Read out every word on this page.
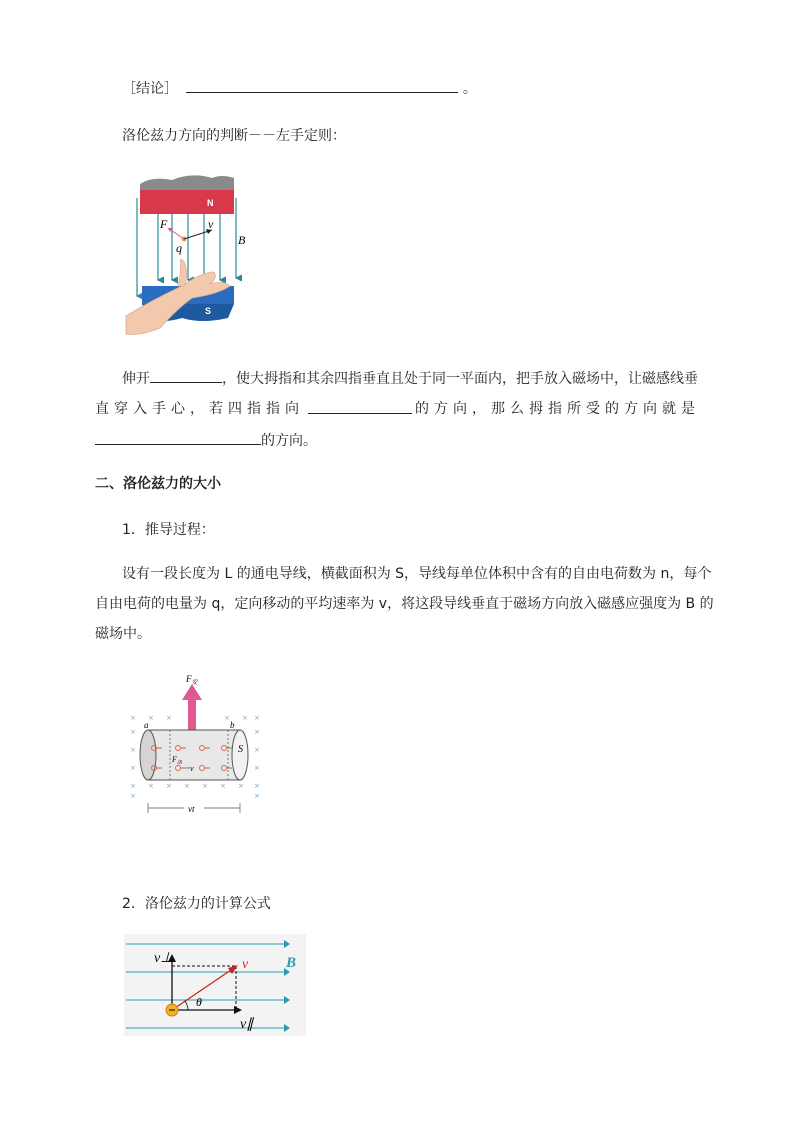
［结论］	。
洛伦兹力方向的判断－－左手定则：
N
S
F	v
q
B
伸开	，使大拇指和其余四指垂直且处于同一平面内，把手放入磁场中，让磁感线垂
直穿入手心，若四指指向	的方向，那么拇指所受的方向就是
的方向。
二、洛伦兹力的大小
1．推导过程：
设有一段长度为 L 的通电导线，横截面积为 S，导线每单位体积中含有的自由电荷数为 n，每个
自由电荷的电量为 q，定向移动的平均速率为 v，将这段导线垂直于磁场方向放入磁感应强度为 B 的
磁场中。
× × ×	× × ×
×	×
×	×
×	×
× × × × × × × ×
×	×
$F_安$
a	b
S
$F_洛$
v
vt
2．洛伦兹力的计算公式
B
v⊥	v
θ
v∥
